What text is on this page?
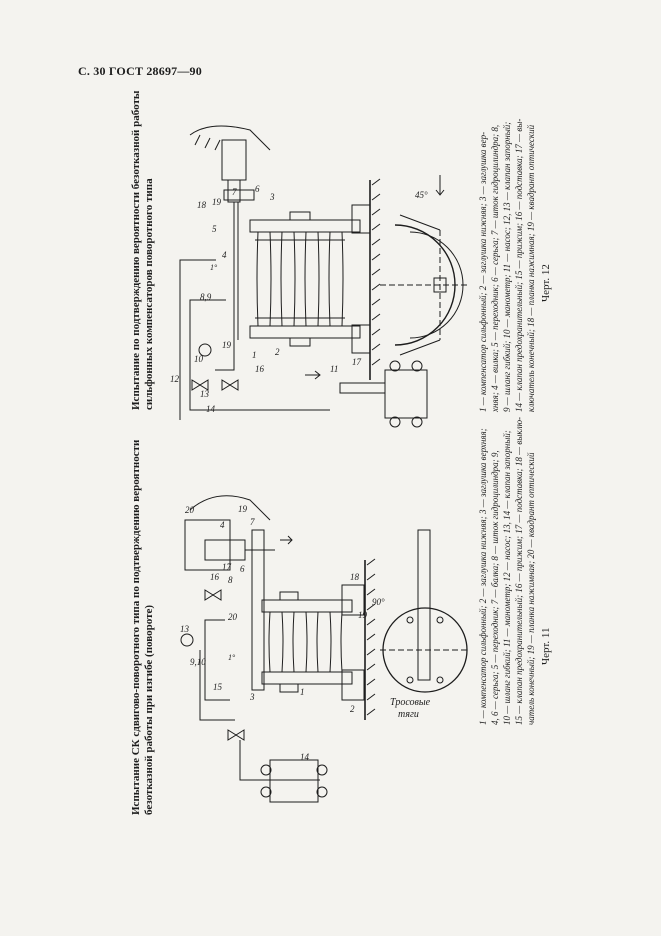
С. 30 ГОСТ 28697—90
Испытание СК сдвигово-поворотного типа по подтверждению вероятности безотказной работы при изгибе (повороте)	1 — компенсатор сильфонный; 2 — заглушка нижняя; 3 — заглушка верхняя; 4, 6 — серьга; 5 — переходник; 7 — балка; 8 — шток гидроцилиндра; 9, 10 — шланг гибкий; 11 — манометр; 12 — насос; 13, 14 — клапан запорный; 15 — клапан предохранительный; 16 — прижим; 17 — подставка; 18 — выклю- чатель конечный; 19 — планка нажимная; 20 — квадрант оптический Черт. 11
Испытание по подтверждению вероятности безотказной работы сильфонных компенсаторов поворотного типа	1 — компенсатор сильфонный; 2 — заглушка нижняя; 3 — заглушка вер- хняя; 4 — вилка; 5 — переходник; 6 — серьга; 7 — шток гидроцилиндра; 8, 9 — шланг гибкий; 10 — манометр; 11 — насос; 12, 13 — клапан запорный; 14 — клапан предохранительный; 15 — прижим; 16 — подставка; 17 — вы- ключатель конечный; 18 — планка нажимная; 19 — квадрант оптический Черт. 12
18 19
7 6
3
5
4
8,9
10
19
12
13
14
1 2
16
17
11
45°
1°
20	19
7
4
16
17
8
6
20
13
9,10
15
3	1
18
19
2
14
90°
1°
Тросовые
тяги
